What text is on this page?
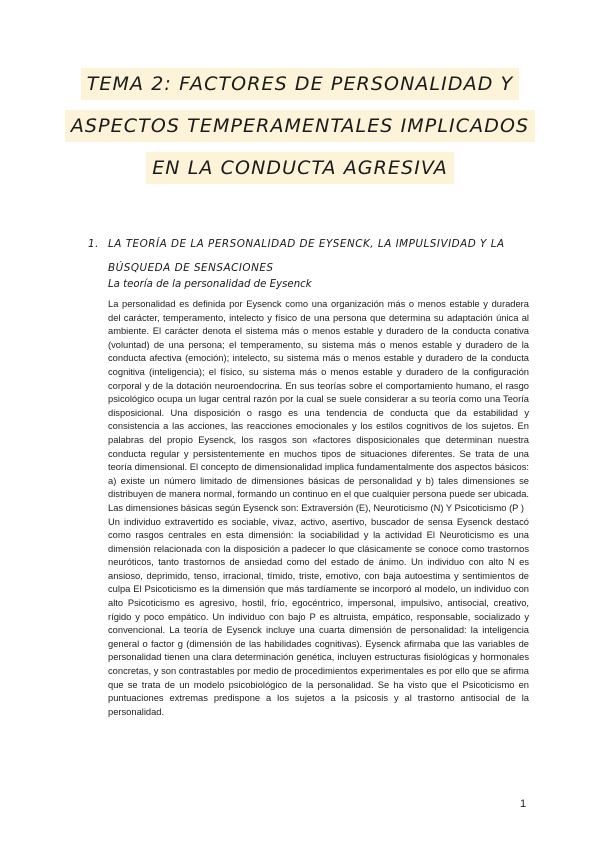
TEMA 2: FACTORES DE PERSONALIDAD Y
ASPECTOS TEMPERAMENTALES IMPLICADOS
EN LA CONDUCTA AGRESIVA
1. LA TEORÍA DE LA PERSONALIDAD DE EYSENCK, LA IMPULSIVIDAD Y LA BÚSQUEDA DE SENSACIONES
La teoría de la personalidad de Eysenck

La personalidad es definida por Eysenck como una organización más o menos estable y duradera del carácter, temperamento, intelecto y físico de una persona que determina su adaptación única al ambiente. El carácter denota el sistema más o menos estable y duradero de la conducta conativa (voluntad) de una persona; el temperamento, su sistema más o menos estable y duradero de la conducta afectiva (emoción); intelecto, su sistema más o menos estable y duradero de la conducta cognitiva (inteligencia); el físico, su sistema más o menos estable y duradero de la configuración corporal y de la dotación neuroendocrina. En sus teorías sobre el comportamiento humano, el rasgo psicológico ocupa un lugar central razón por la cual se suele considerar a su teoría como una Teoría disposicional. Una disposición o rasgo es una tendencia de conducta que da estabilidad y consistencia a las acciones, las reacciones emocionales y los estilos cognitivos de los sujetos. En palabras del propio Eysenck, los rasgos son «factores disposicionales que determinan nuestra conducta regular y persistentemente en muchos tipos de situaciones diferentes. Se trata de una teoría dimensional. El concepto de dimensionalidad implica fundamentalmente dos aspectos básicos: a) existe un número limitado de dimensiones básicas de personalidad y b) tales dimensiones se distribuyen de manera normal, formando un continuo en el que cualquier persona puede ser ubicada. Las dimensiones básicas según Eysenck son: Extraversión (E), Neuroticismo (N) Y Psicoticismo (P )

Un individuo extravertido es sociable, vivaz, activo, asertivo, buscador de sensa Eysenck destacó como rasgos centrales en esta dimensión: la sociabilidad y la actividad El Neuroticismo es una dimensión relacionada con la disposición a padecer lo que clásicamente se conoce como trastornos neuróticos, tanto trastornos de ansiedad como del estado de ánimo. Un individuo con alto N es ansioso, deprimido, tenso, irracional, tímido, triste, emotivo, con baja autoestima y sentimientos de culpa El Psicoticismo es la dimensión que más tardíamente se incorporó al modelo, un individuo con alto Psicoticismo es agresivo, hostil, frío, egocéntrico, impersonal, impulsivo, antisocial, creativo, rígido y poco empático. Un individuo con bajo P es altruista, empático, responsable, socializado y convencional. La teoría de Eysenck incluye una cuarta dimensión de personalidad: la inteligencia general o factor g (dimensión de las habilidades cognitivas). Eysenck afirmaba que las variables de personalidad tienen una clara determinación genética, incluyen estructuras fisiológicas y hormonales concretas, y son contrastables por medio de procedimientos experimentales es por ello que se afirma que se trata de un modelo psicobiológico de la personalidad. Se ha visto que el Psicoticismo en puntuaciones extremas predispone a los sujetos a la psicosis y al trastorno antisocial de la personalidad.

1
